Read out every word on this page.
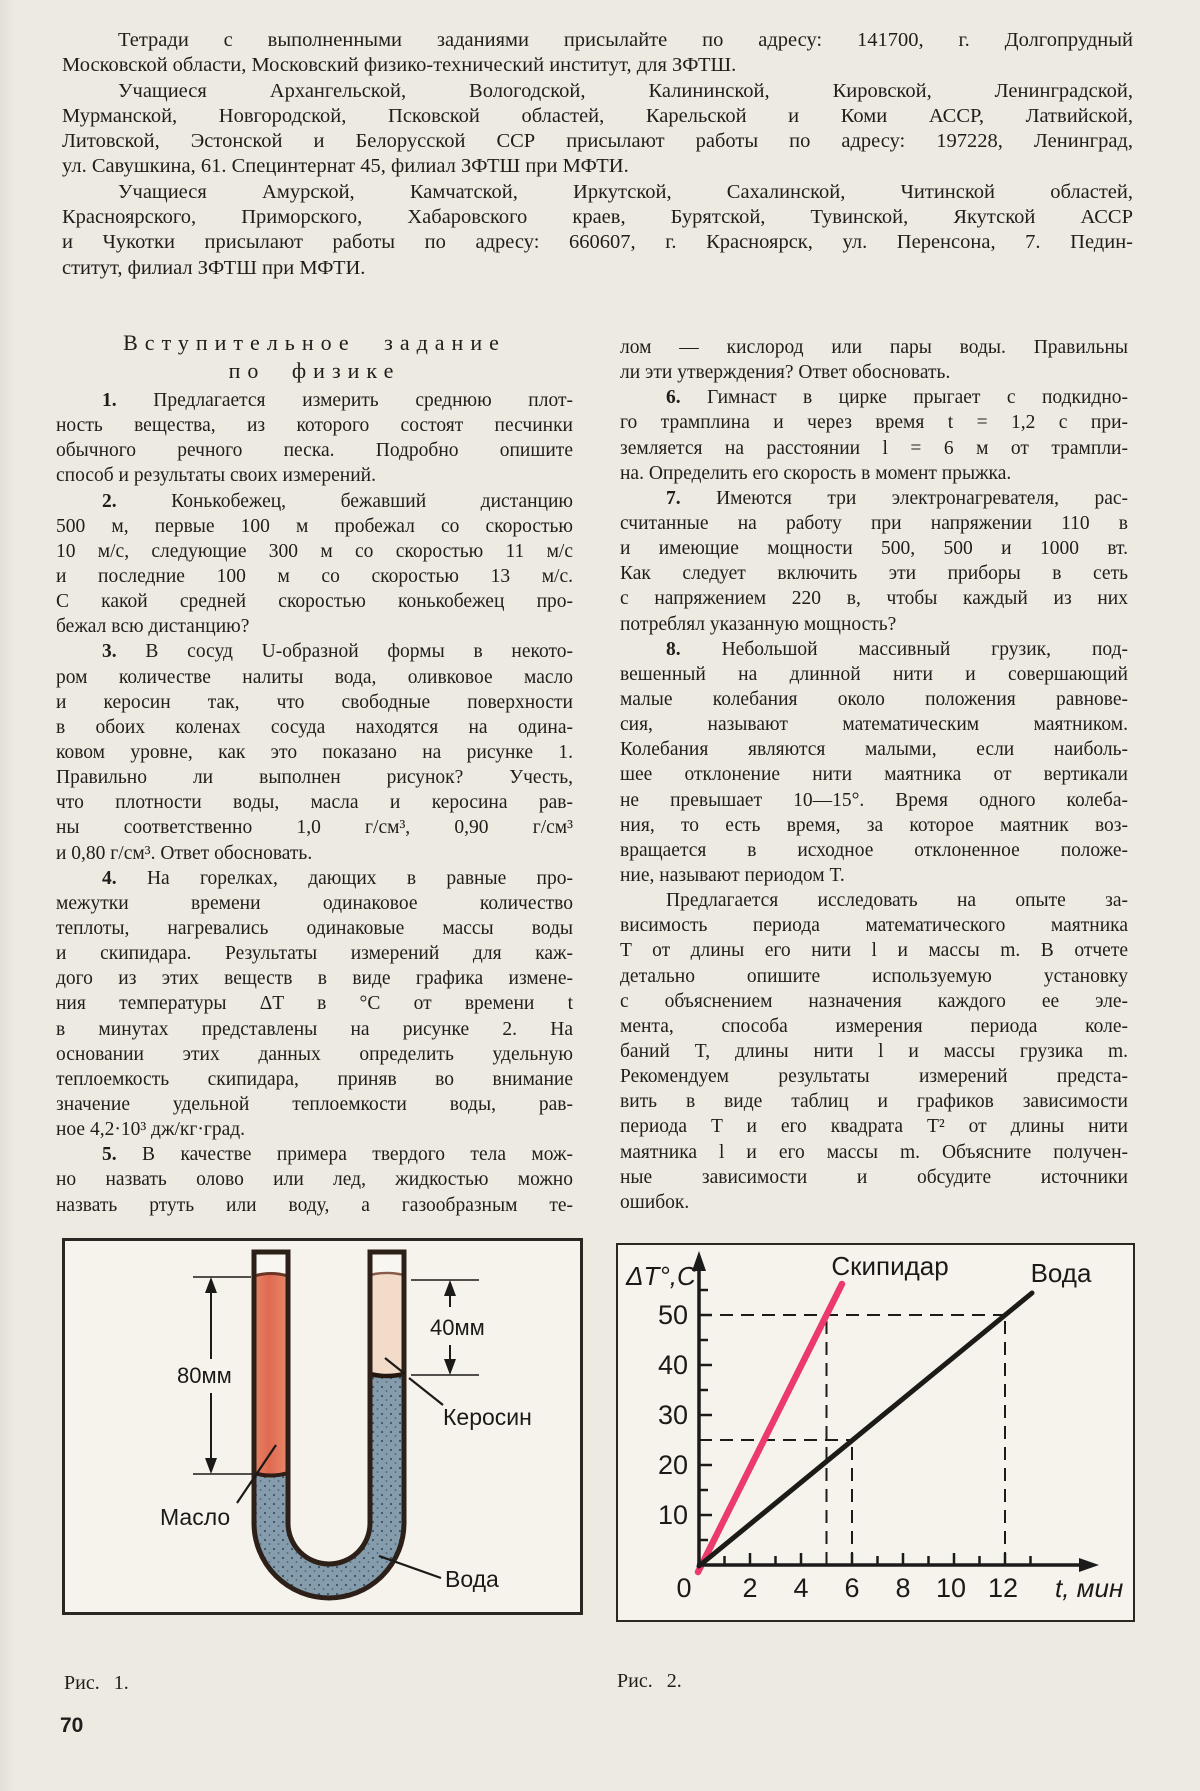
Тетради с выполненными заданиями присылайте по адресу: 141700, г. Долгопрудный
Московской области, Московский физико-технический институт, для ЗФТШ.
Учащиеся Архангельской, Вологодской, Калининской, Кировской, Ленинградской,
Мурманской, Новгородской, Псковской областей, Карельской и Коми АССР, Латвийской,
Литовской, Эстонской и Белорусской ССР присылают работы по адресу: 197228, Ленинград,
ул. Савушкина, 61. Специнтернат 45, филиал ЗФТШ при МФТИ.
Учащиеся Амурской, Камчатской, Иркутской, Сахалинской, Читинской областей,
Красноярского, Приморского, Хабаровского краев, Бурятской, Тувинской, Якутской АССР
и Чукотки присылают работы по адресу: 660607, г. Красноярск, ул. Перенсона, 7. Педин-
ститут, филиал ЗФТШ при МФТИ.
Вступительное задание
по физике
1. Предлагается измерить среднюю плот-
ность вещества, из которого состоят песчинки
обычного речного песка. Подробно опишите
способ и результаты своих измерений.
2. Конькобежец, бежавший дистанцию
500 м, первые 100 м пробежал со скоростью
10 м/с, следующие 300 м со скоростью 11 м/с
и последние 100 м со скоростью 13 м/с.
С какой средней скоростью конькобежец про-
бежал всю дистанцию?
3. В сосуд U-образной формы в некото-
ром количестве налиты вода, оливковое масло
и керосин так, что свободные поверхности
в обоих коленах сосуда находятся на одина-
ковом уровне, как это показано на рисунке 1.
Правильно ли выполнен рисунок? Учесть,
что плотности воды, масла и керосина рав-
ны соответственно 1,0 г/см³, 0,90 г/см³
и 0,80 г/см³. Ответ обосновать.
4. На горелках, дающих в равные про-
межутки времени одинаковое количество
теплоты, нагревались одинаковые массы воды
и скипидара. Результаты измерений для каж-
дого из этих веществ в виде графика измене-
ния температуры ΔT в °С от времени t
в минутах представлены на рисунке 2. На
основании этих данных определить удельную
теплоемкость скипидара, приняв во внимание
значение удельной теплоемкости воды, рав-
ное 4,2·10³ дж/кг·град.
5. В качестве примера твердого тела мож-
но назвать олово или лед, жидкостью можно
назвать ртуть или воду, а газообразным те-
лом — кислород или пары воды. Правильны
ли эти утверждения? Ответ обосновать.
6. Гимнаст в цирке прыгает с подкидно-
го трамплина и через время t = 1,2 с при-
земляется на расстоянии l = 6 м от трампли-
на. Определить его скорость в момент прыжка.
7. Имеются три электронагревателя, рас-
считанные на работу при напряжении 110 в
и имеющие мощности 500, 500 и 1000 вт.
Как следует включить эти приборы в сеть
с напряжением 220 в, чтобы каждый из них
потреблял указанную мощность?
8. Небольшой массивный грузик, под-
вешенный на длинной нити и совершающий
малые колебания около положения равнове-
сия, называют математическим маятником.
Колебания являются малыми, если наиболь-
шее отклонение нити маятника от вертикали
не превышает 10—15°. Время одного колеба-
ния, то есть время, за которое маятник воз-
вращается в исходное отклоненное положе-
ние, называют периодом T.
Предлагается исследовать на опыте за-
висимость периода математического маятника
T от длины его нити l и массы m. В отчете
детально опишите используемую установку
с объяснением назначения каждого ее эле-
мента, способа измерения периода коле-
баний T, длины нити l и массы грузика m.
Рекомендуем результаты измерений предста-
вить в виде таблиц и графиков зависимости
периода T и его квадрата T² от длины нити
маятника l и его массы m. Объясните получен-
ные зависимости и обсудите источники
ошибок.
80мм
40мм
Керосин
Масло
Вода
ΔT°,C
t, мин
Скипидар	Вода
50
40
30
20
10
0 2 4 6 8 10 12
Рис. 1.	Рис. 2.
70
